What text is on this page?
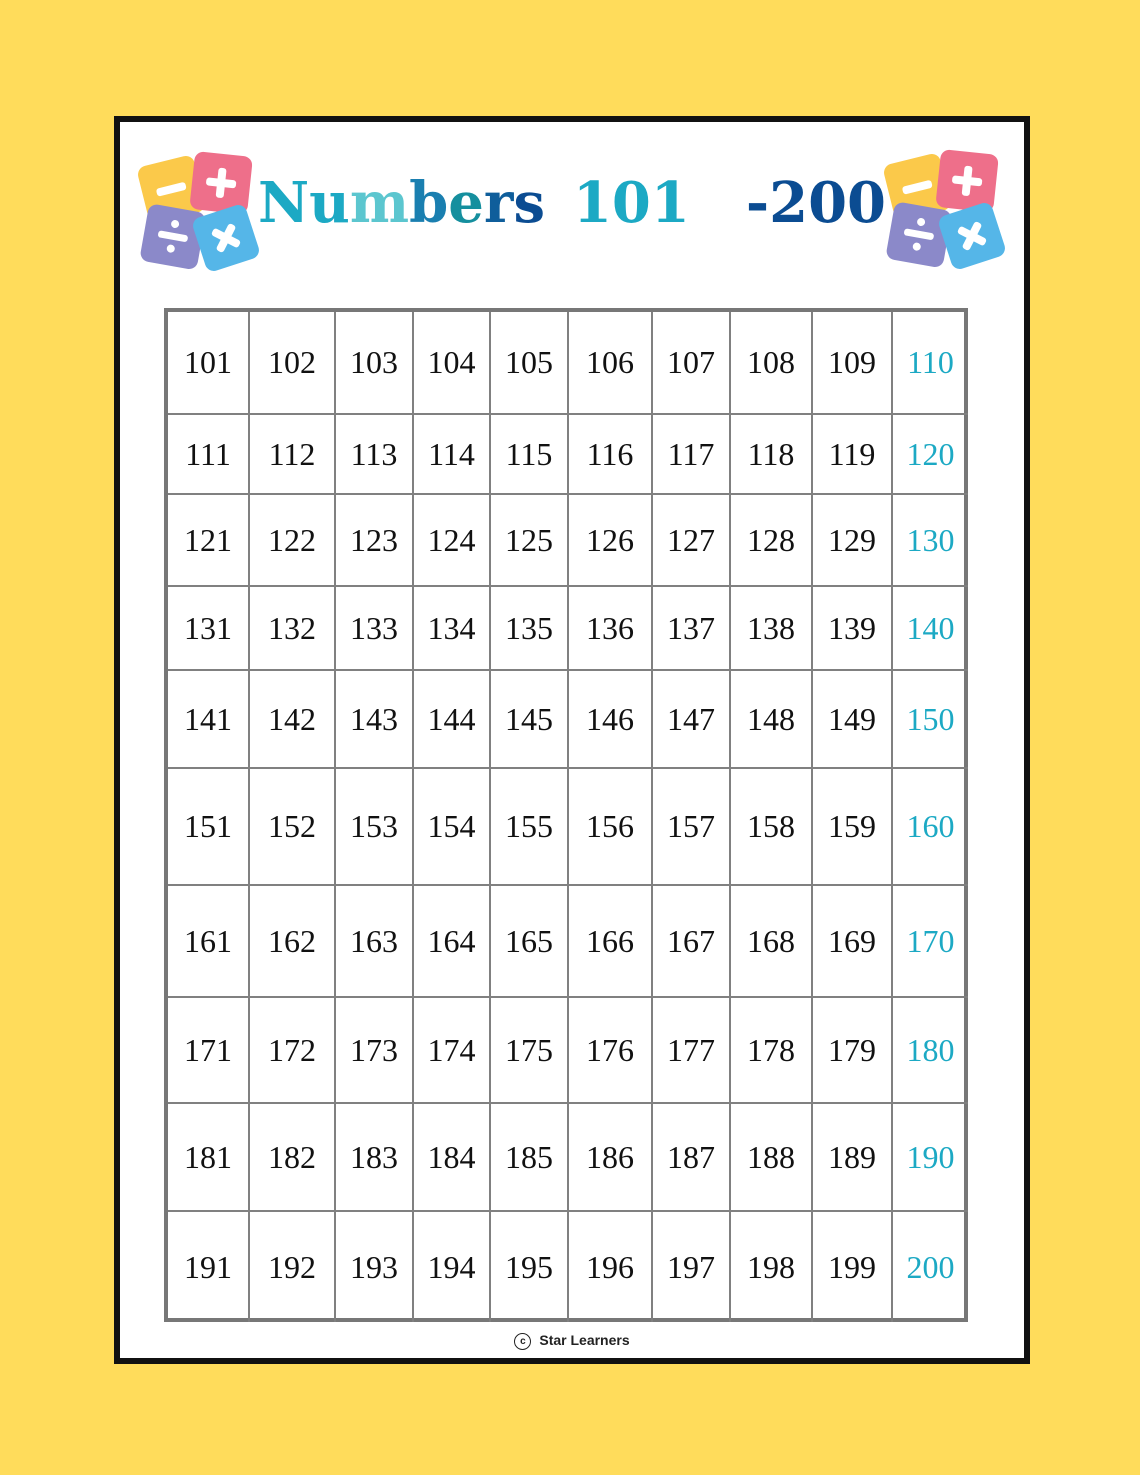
Numbers 101 -200
101	102	103 104 105	106	107	108	109 110
111	112	113 114 115	116	117	118	119 120
121	122	123 124 125	126	127	128	129 130
131	132	133 134 135	136	137	138	139 140
141	142	143 144 145	146	147	148	149 150
151	152	153 154 155	156	157	158	159 160
161	162	163 164 165	166	167	168	169 170
171	172	173 174 175	176	177	178	179 180
181	182	183 184 185	186	187	188	189 190
191	192	193 194 195	196	197	198	199 200
c Star Learners
